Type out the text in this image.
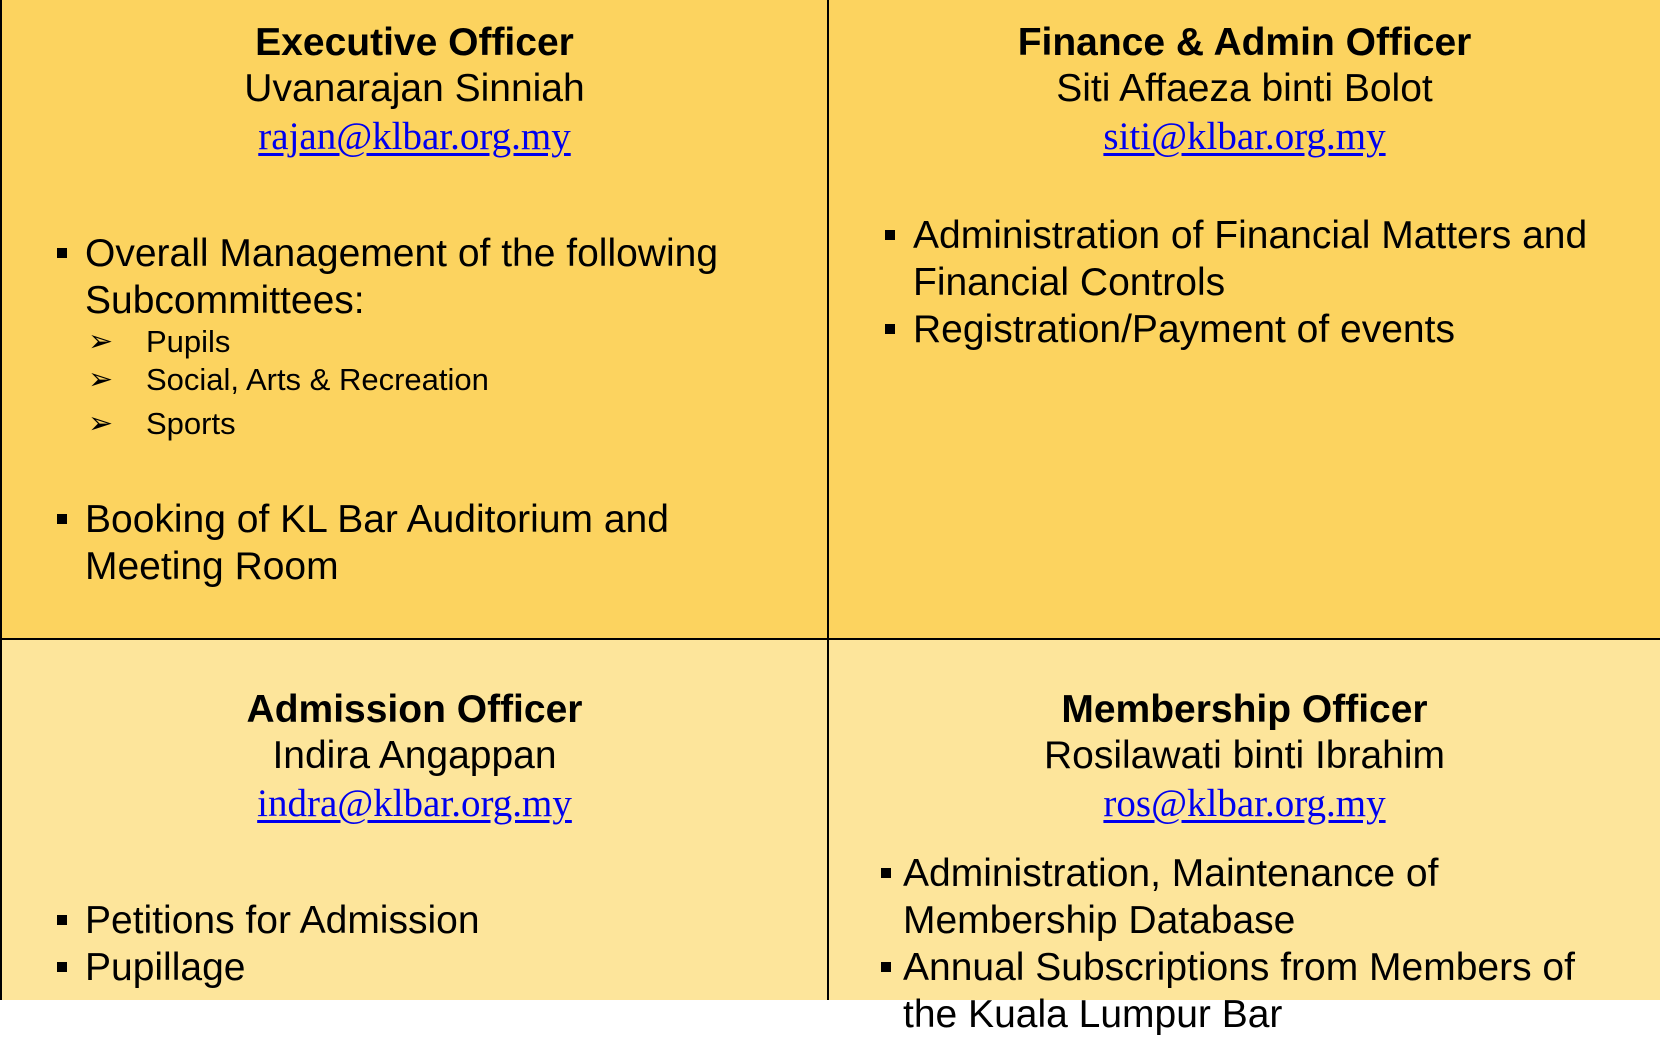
Executive Officer
Uvanarajan Sinniah
rajan@klbar.org.my
Overall Management of the following
Subcommittees:
➢ Pupils
➢ Social, Arts & Recreation
➢ Sports
Booking of KL Bar Auditorium and
Meeting Room
Finance & Admin Officer
Siti Affaeza binti Bolot
siti@klbar.org.my
Administration of Financial Matters and
Financial Controls
Registration/Payment of events
Admission Officer
Indira Angappan
indra@klbar.org.my
Petitions for Admission
Pupillage
Membership Officer
Rosilawati binti Ibrahim
ros@klbar.org.my
Administration, Maintenance of
Membership Database
Annual Subscriptions from Members of
the Kuala Lumpur Bar
